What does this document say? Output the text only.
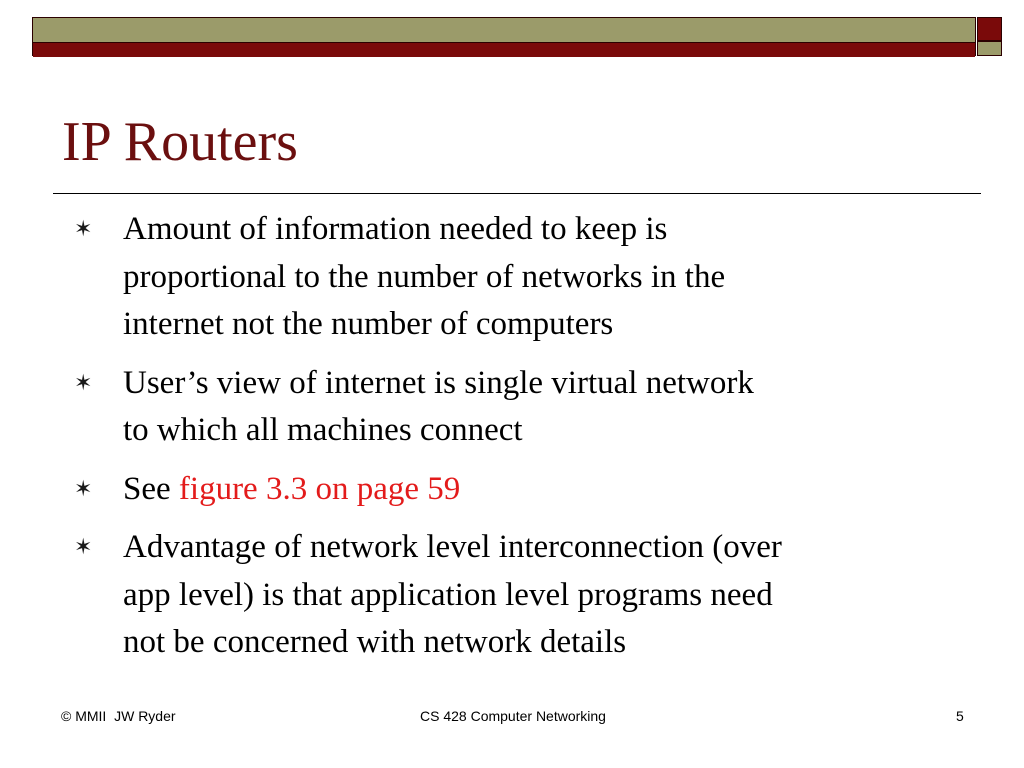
IP Routers
✶ Amount of information needed to keep is
proportional to the number of networks in the
internet not the number of computers
✶ User’s view of internet is single virtual network
to which all machines connect
✶ See figure 3.3 on page 59
✶ Advantage of network level interconnection (over
app level) is that application level programs need
not be concerned with network details
© MMII  JW Ryder	CS 428 Computer Networking	5
